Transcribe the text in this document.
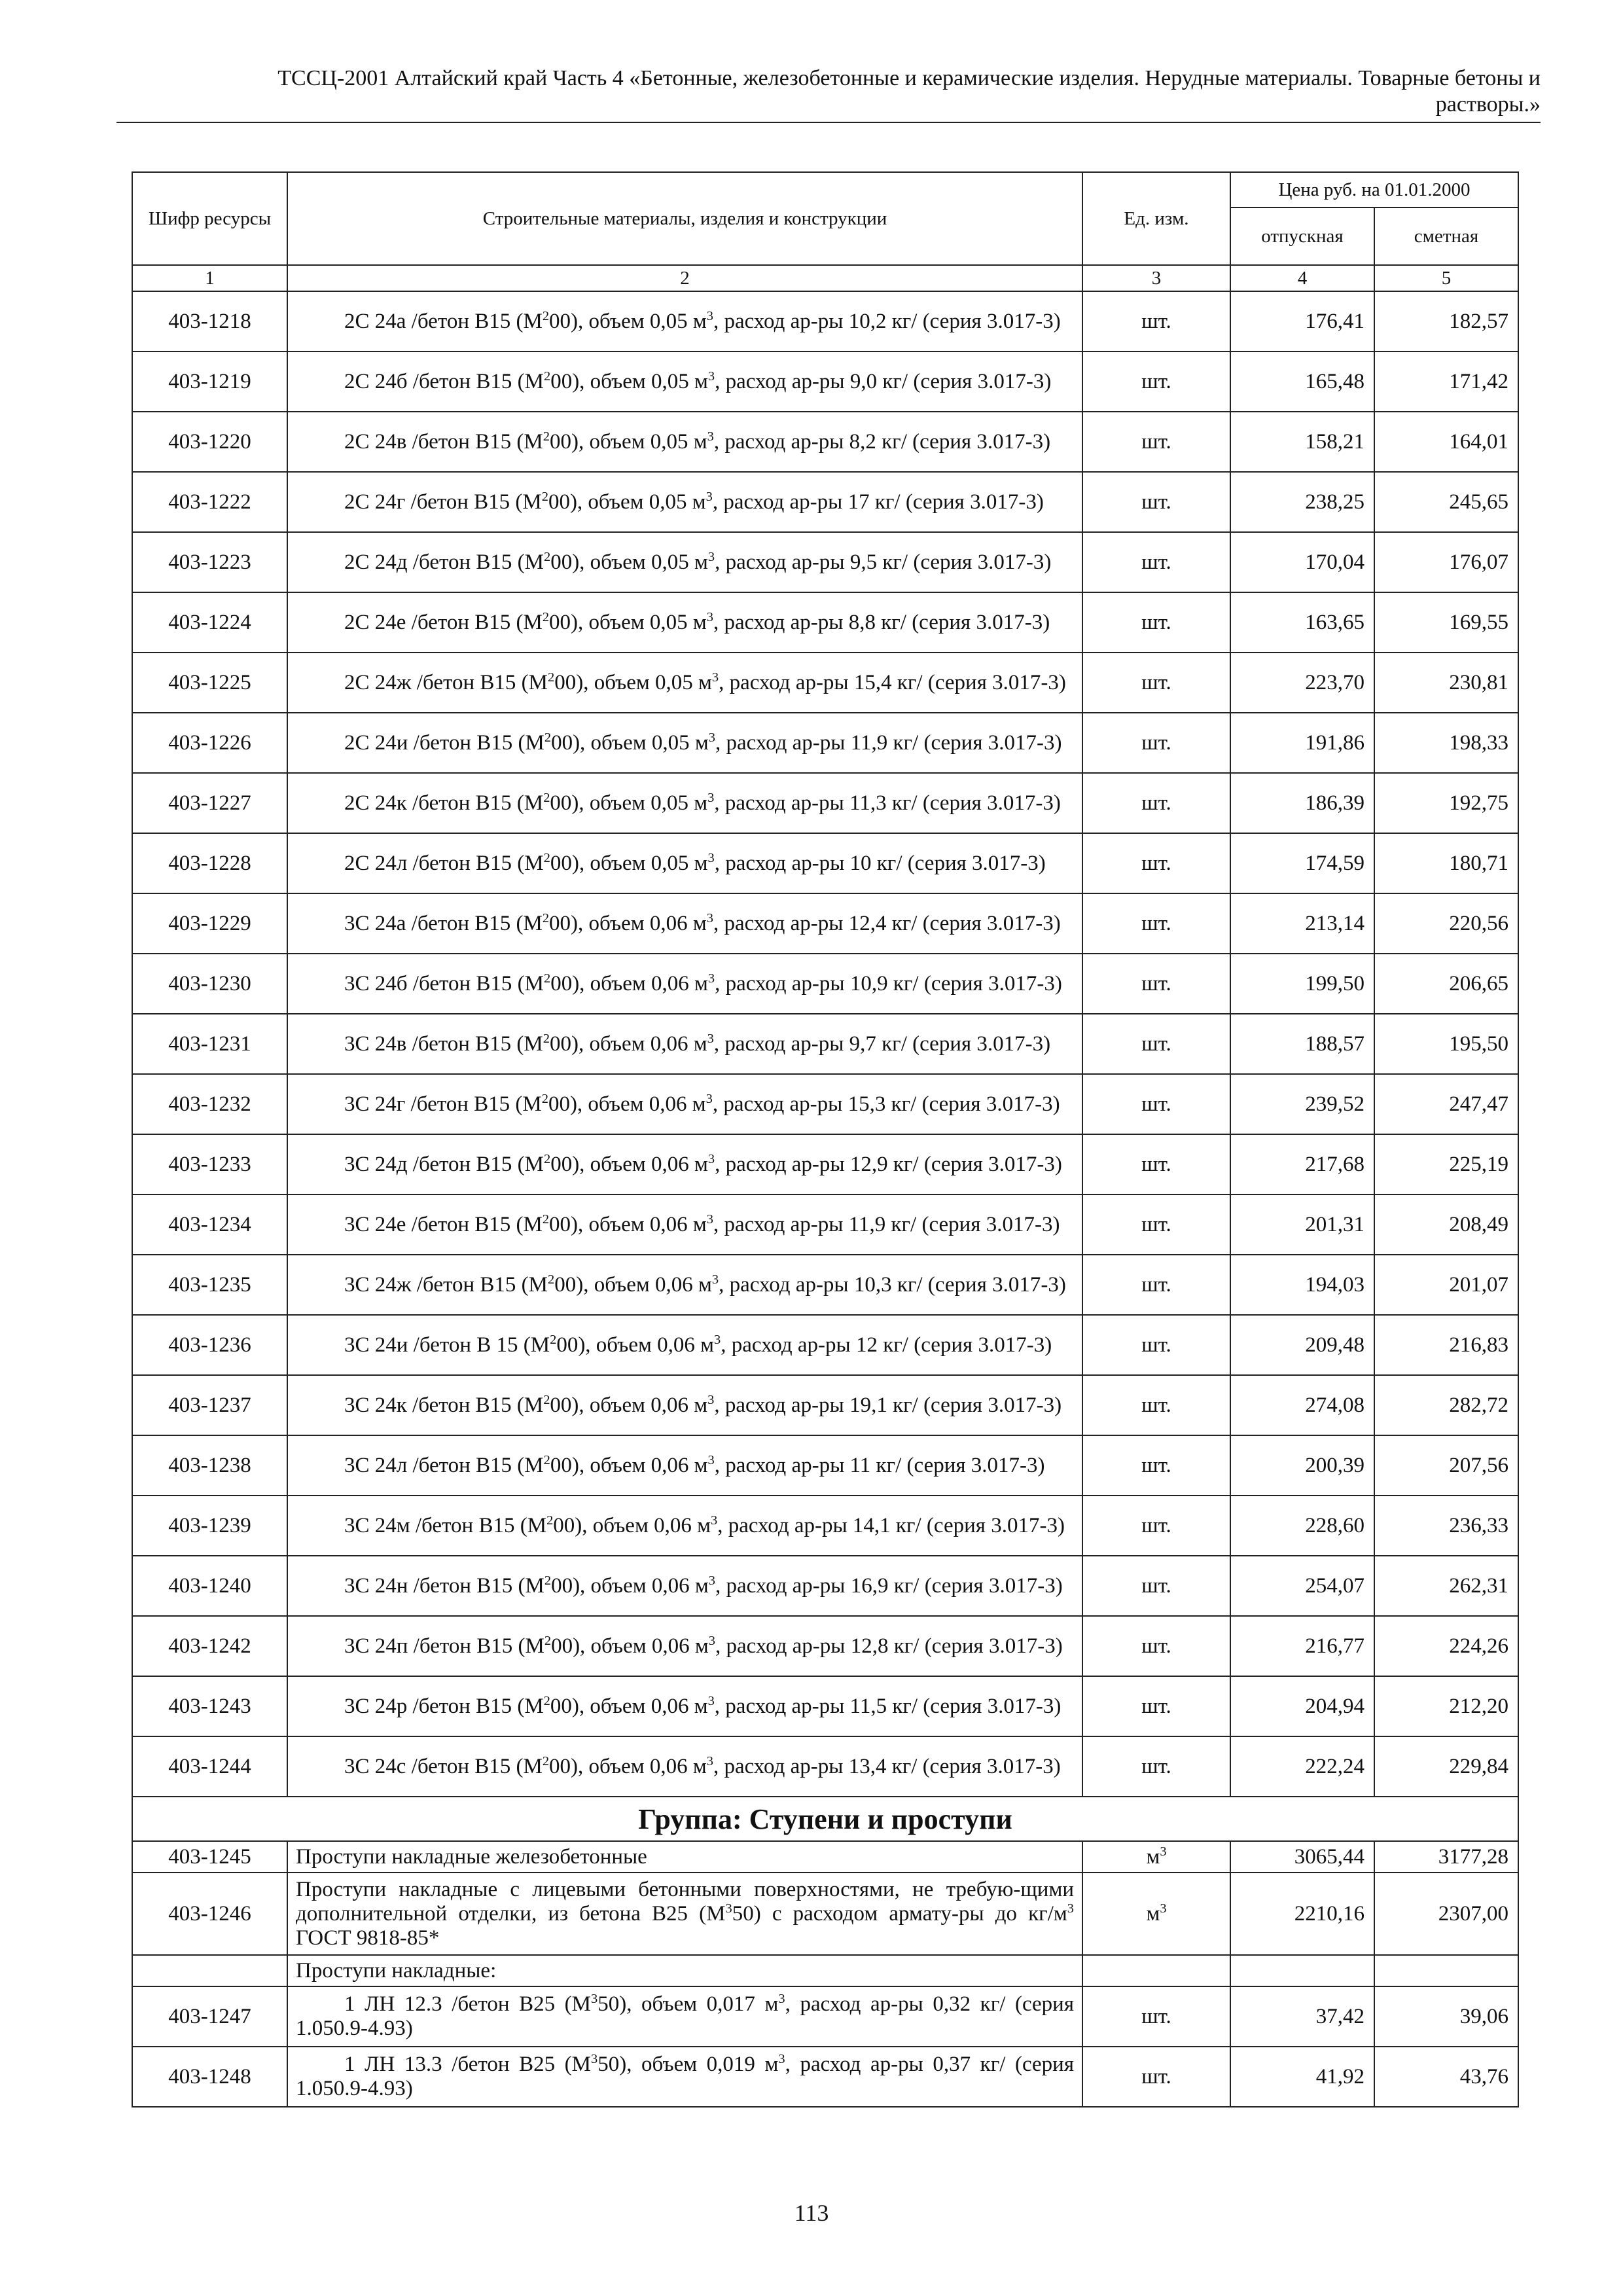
ТССЦ-2001 Алтайский край Часть 4 «Бетонные, железобетонные и керамические изделия. Нерудные материалы. Товарные бетоны и
растворы.»
Шифр ресурсы	Строительные материалы, изделия и конструкции	Ед. изм.	Цена руб. на 01.01.2000	
			отпускная	сметная
1	2	3	4	5
403-1218	2С 24а /бетон В15 $(М^200)$, объем 0,05 $м^3$, расход ар-ры 10,2 кг/ (серия 3.017-3)	шт.	176,41	182,57
403-1219	2С 24б /бетон В15 $(М^200)$, объем 0,05 $м^3$, расход ар-ры 9,0 кг/ (серия 3.017-3)	шт.	165,48	171,42
403-1220	2С 24в /бетон В15 $(М^200)$, объем 0,05 $м^3$, расход ар-ры 8,2 кг/ (серия 3.017-3)	шт.	158,21	164,01
403-1222	2С 24г /бетон В15 $(М^200)$, объем 0,05 $м^3$, расход ар-ры 17 кг/ (серия 3.017-3)	шт.	238,25	245,65
403-1223	2С 24д /бетон В15 $(М^200)$, объем 0,05 $м^3$, расход ар-ры 9,5 кг/ (серия 3.017-3)	шт.	170,04	176,07
403-1224	2С 24е /бетон В15 $(М^200)$, объем 0,05 $м^3$, расход ар-ры 8,8 кг/ (серия 3.017-3)	шт.	163,65	169,55
403-1225	2С 24ж /бетон В15 $(М^200)$, объем 0,05 $м^3$, расход ар-ры 15,4 кг/ (серия 3.017-3)	шт.	223,70	230,81
403-1226	2С 24и /бетон В15 $(М^200)$, объем 0,05 $м^3$, расход ар-ры 11,9 кг/ (серия 3.017-3)	шт.	191,86	198,33
403-1227	2С 24к /бетон В15 $(М^200)$, объем 0,05 $м^3$, расход ар-ры 11,3 кг/ (серия 3.017-3)	шт.	186,39	192,75
403-1228	2С 24л /бетон В15 $(М^200)$, объем 0,05 $м^3$, расход ар-ры 10 кг/ (серия 3.017-3)	шт.	174,59	180,71
403-1229	3С 24а /бетон В15 $(М^200)$, объем 0,06 $м^3$, расход ар-ры 12,4 кг/ (серия 3.017-3)	шт.	213,14	220,56
403-1230	3С 24б /бетон В15 $(М^200)$, объем 0,06 $м^3$, расход ар-ры 10,9 кг/ (серия 3.017-3)	шт.	199,50	206,65
403-1231	3С 24в /бетон В15 $(М^200)$, объем 0,06 $м^3$, расход ар-ры 9,7 кг/ (серия 3.017-3)	шт.	188,57	195,50
403-1232	3С 24г /бетон В15 $(М^200)$, объем 0,06 $м^3$, расход ар-ры 15,3 кг/ (серия 3.017-3)	шт.	239,52	247,47
403-1233	3С 24д /бетон В15 $(М^200)$, объем 0,06 $м^3$, расход ар-ры 12,9 кг/ (серия 3.017-3)	шт.	217,68	225,19
403-1234	3С 24е /бетон В15 $(М^200)$, объем 0,06 $м^3$, расход ар-ры 11,9 кг/ (серия 3.017-3)	шт.	201,31	208,49
403-1235	3С 24ж /бетон В15 $(М^200)$, объем 0,06 $м^3$, расход ар-ры 10,3 кг/ (серия 3.017-3)	шт.	194,03	201,07
403-1236	3С 24и /бетон В 15 $(М^200)$, объем 0,06 $м^3$, расход ар-ры 12 кг/ (серия 3.017-3)	шт.	209,48	216,83
403-1237	3С 24к /бетон В15 $(М^200)$, объем 0,06 $м^3$, расход ар-ры 19,1 кг/ (серия 3.017-3)	шт.	274,08	282,72
403-1238	3С 24л /бетон В15 $(М^200)$, объем 0,06 $м^3$, расход ар-ры 11 кг/ (серия 3.017-3)	шт.	200,39	207,56
403-1239	3С 24м /бетон В15 $(М^200)$, объем 0,06 $м^3$, расход ар-ры 14,1 кг/ (серия 3.017-3)	шт.	228,60	236,33
403-1240	3С 24н /бетон В15 $(М^200)$, объем 0,06 $м^3$, расход ар-ры 16,9 кг/ (серия 3.017-3)	шт.	254,07	262,31
403-1242	3С 24п /бетон В15 $(М^200)$, объем 0,06 $м^3$, расход ар-ры 12,8 кг/ (серия 3.017-3)	шт.	216,77	224,26
403-1243	3С 24р /бетон В15 $(М^200)$, объем 0,06 $м^3$, расход ар-ры 11,5 кг/ (серия 3.017-3)	шт.	204,94	212,20
403-1244	3С 24с /бетон В15 $(М^200)$, объем 0,06 $м^3$, расход ар-ры 13,4 кг/ (серия 3.017-3)	шт.	222,24	229,84
Группа: Ступени и проступи				
403-1245	Проступи накладные железобетонные	$м^3$	3065,44	3177,28
403-1246	Проступи накладные с лицевыми бетонными поверхностями, не требую-щими дополнительной отделки, из бетона В25 $(М^350)$ с расходом армату-ры до $кг/м^3$ ГОСТ 9818-85*	$м^3$	2210,16	2307,00
	Проступи накладные:			
403-1247	1 ЛН 12.3 /бетон В25 $(М^350)$, объем 0,017 $м^3$, расход ар-ры 0,32 кг/ (серия 1.050.9-4.93)	шт.	37,42	39,06
403-1248	1 ЛН 13.3 /бетон В25 $(М^350)$, объем 0,019 $м^3$, расход ар-ры 0,37 кг/ (серия 1.050.9-4.93)	шт.	41,92	43,76
113
